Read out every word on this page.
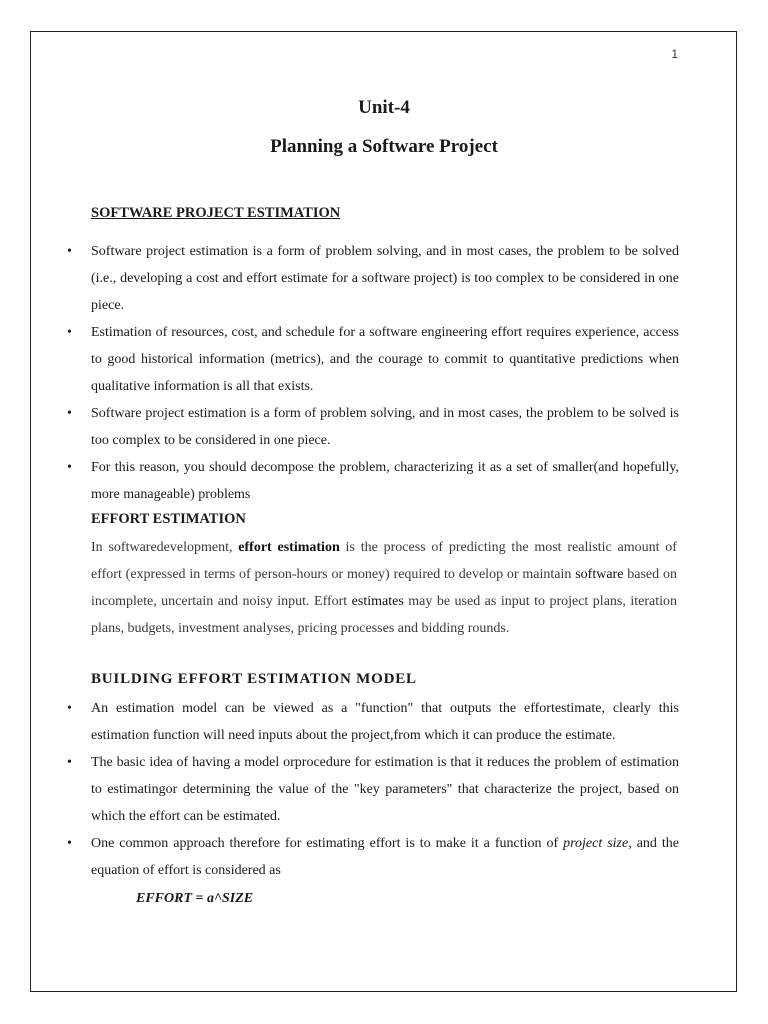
1
Unit-4
Planning a Software Project
SOFTWARE PROJECT ESTIMATION
• Software project estimation is a form of problem solving, and in most cases, the problem to be solved (i.e., developing a cost and effort estimate for a software project) is too complex to be considered in one piece.
• Estimation of resources, cost, and schedule for a software engineering effort requires experience, access to good historical information (metrics), and the courage to commit to quantitative predictions when qualitative information is all that exists.
• Software project estimation is a form of problem solving, and in most cases, the problem to be solved is too complex to be considered in one piece.
• For this reason, you should decompose the problem, characterizing it as a set of smaller(and hopefully, more manageable) problems
EFFORT ESTIMATION

In softwaredevelopment, effort estimation is the process of predicting the most realistic amount of effort (expressed in terms of person-hours or money) required to develop or maintain software based on incomplete, uncertain and noisy input. Effort estimates may be used as input to project plans, iteration plans, budgets, investment analyses, pricing processes and bidding rounds.

BUILDING EFFORT ESTIMATION MODEL
• An estimation model can be viewed as a "function" that outputs the effortestimate, clearly this estimation function will need inputs about the project,from which it can produce the estimate.
• The basic idea of having a model orprocedure for estimation is that it reduces the problem of estimation to estimatingor determining the value of the "key parameters" that characterize the project, based on which the effort can be estimated.
• One common approach therefore for estimating effort is to make it a function of project size, and the equation of effort is considered as
EFFORT = a^SIZE
